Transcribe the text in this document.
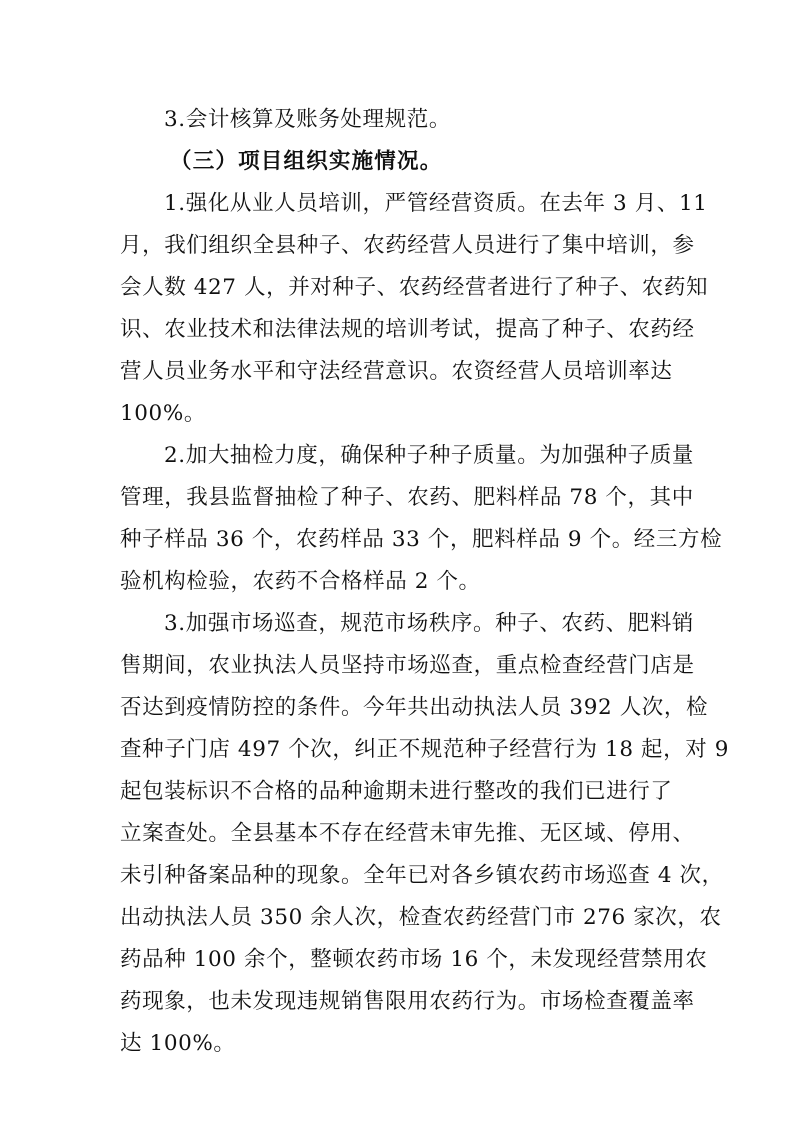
3.会计核算及账务处理规范。
（三）项目组织实施情况。
1.强化从业人员培训，严管经营资质。在去年 3 月、11
月，我们组织全县种子、农药经营人员进行了集中培训，参
会人数 427 人，并对种子、农药经营者进行了种子、农药知
识、农业技术和法律法规的培训考试，提高了种子、农药经
营人员业务水平和守法经营意识。农资经营人员培训率达
100%。
2.加大抽检力度，确保种子种子质量。为加强种子质量
管理，我县监督抽检了种子、农药、肥料样品 78 个，其中
种子样品 36 个，农药样品 33 个，肥料样品 9 个。经三方检
验机构检验，农药不合格样品 2 个。
3.加强市场巡查，规范市场秩序。种子、农药、肥料销
售期间，农业执法人员坚持市场巡查，重点检查经营门店是
否达到疫情防控的条件。今年共出动执法人员 392 人次，检
查种子门店 497 个次，纠正不规范种子经营行为 18 起，对 9
起包装标识不合格的品种逾期未进行整改的我们已进行了
立案查处。全县基本不存在经营未审先推、无区域、停用、
未引种备案品种的现象。全年已对各乡镇农药市场巡查 4 次，
出动执法人员 350 余人次，检查农药经营门市 276 家次，农
药品种 100 余个，整顿农药市场 16 个，未发现经营禁用农
药现象，也未发现违规销售限用农药行为。市场检查覆盖率
达 100%。
